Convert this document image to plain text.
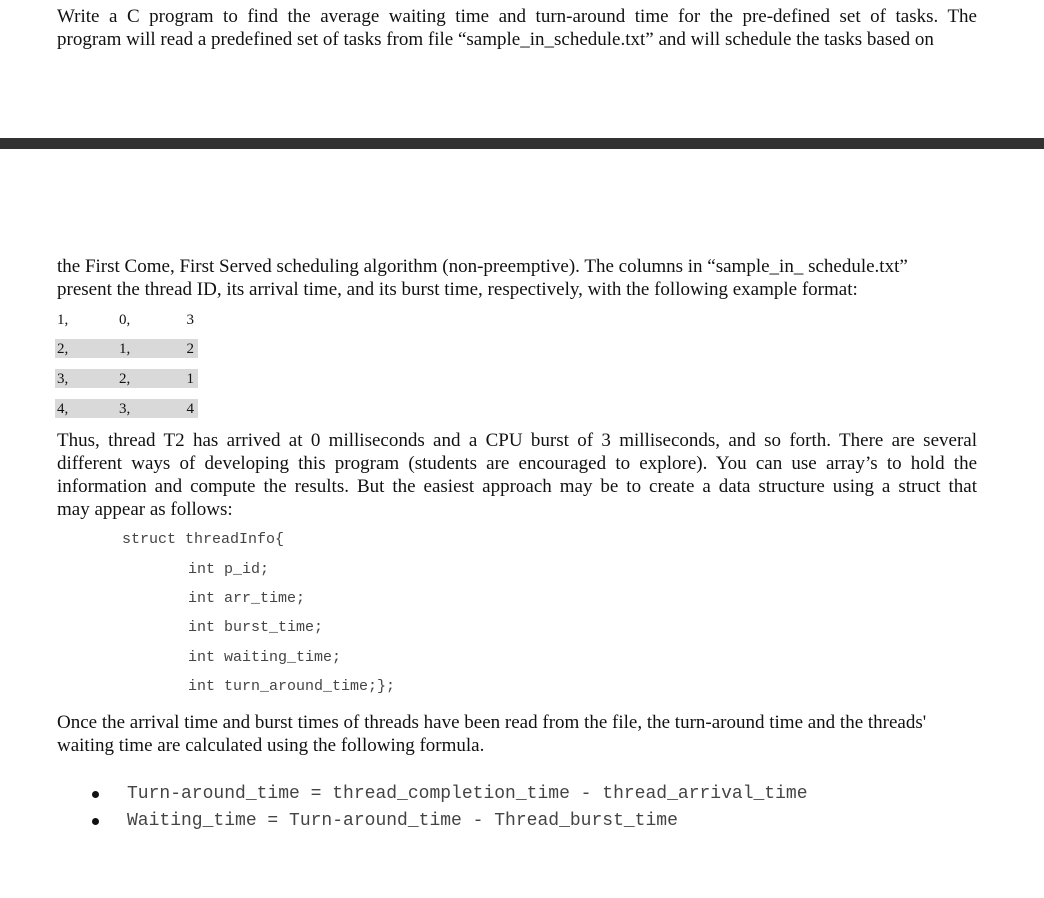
Write a C program to find the average waiting time and turn-around time for the pre-defined set of tasks. The
program will read a predefined set of tasks from file “sample_in_schedule.txt” and will schedule the tasks based on

the First Come, First Served scheduling algorithm (non-preemptive). The columns in “sample_in_ schedule.txt”
present the thread ID, its arrival time, and its burst time, respectively, with the following example format:

1,	0,	3
2,	1,	2
3,	2,	1
4,	3,	4

Thus, thread T2 has arrived at 0 milliseconds and a CPU burst of 3 milliseconds, and so forth. There are several
different ways of developing this program (students are encouraged to explore). You can use array’s to hold the
information and compute the results. But the easiest approach may be to create a data structure using a struct that
may appear as follows:

struct threadInfo{
int p_id;
int arr_time;
int burst_time;
int waiting_time;
int turn_around_time;};

Once the arrival time and burst times of threads have been read from the file, the turn-around time and the threads'
waiting time are calculated using the following formula.

Turn-around_time = thread_completion_time - thread_arrival_time

Waiting_time = Turn-around_time - Thread_burst_time
